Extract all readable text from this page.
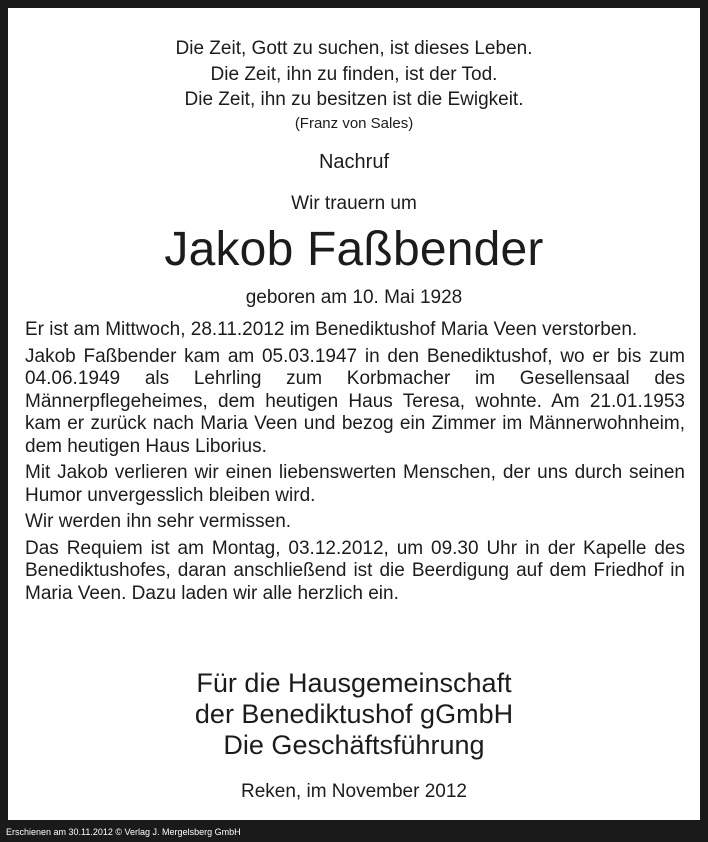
Die Zeit, Gott zu suchen, ist dieses Leben.
Die Zeit, ihn zu finden, ist der Tod.
Die Zeit, ihn zu besitzen ist die Ewigkeit.
(Franz von Sales)
Nachruf
Wir trauern um
Jakob Faßbender
geboren am 10. Mai 1928

Er ist am Mittwoch, 28.11.2012 im Benediktushof Maria Veen verstorben.

Jakob Faßbender kam am 05.03.1947 in den Benediktushof, wo er bis zum 04.06.1949 als Lehrling zum Korbmacher im Gesellensaal des Männerpflegeheimes, dem heutigen Haus Teresa, wohnte. Am 21.01.1953 kam er zurück nach Maria Veen und bezog ein Zimmer im Männerwohnheim, dem heutigen Haus Liborius.

Mit Jakob verlieren wir einen liebenswerten Menschen, der uns durch seinen Humor unvergesslich bleiben wird.

Wir werden ihn sehr vermissen.

Das Requiem ist am Montag, 03.12.2012, um 09.30 Uhr in der Kapelle des Benediktushofes, daran anschließend ist die Beerdigung auf dem Friedhof in Maria Veen. Dazu laden wir alle herzlich ein.

Für die Hausgemeinschaft
der Benediktushof gGmbH
Die Geschäftsführung
Reken, im November 2012
Erschienen am 30.11.2012 © Verlag J. Mergelsberg GmbH
